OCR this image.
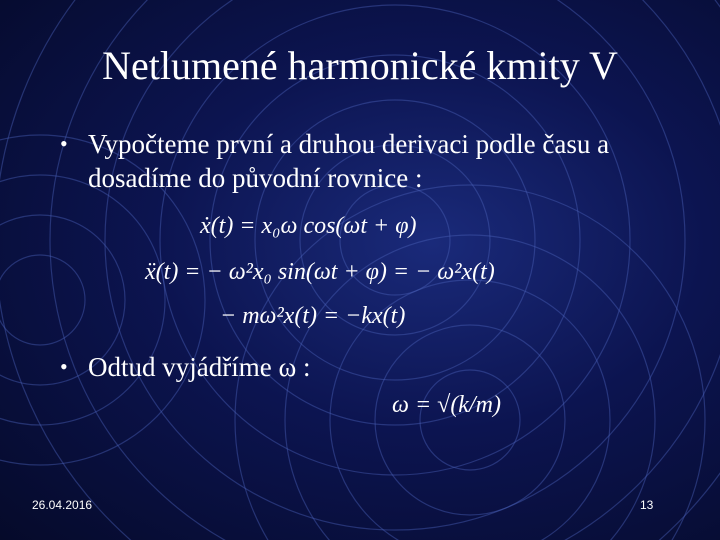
Netlumené harmonické kmity V
• Vypočteme první a druhou derivaci podle času a dosadíme do původní rovnice :
ẋ(t) = x₀ω cos(ωt + φ)
ẍ(t) = − ω²x₀ sin(ωt + φ) = − ω²x(t)
− mω²x(t) = −kx(t)
• Odtud vyjádříme ω :
ω = √(k/m)
26.04.2016	13
